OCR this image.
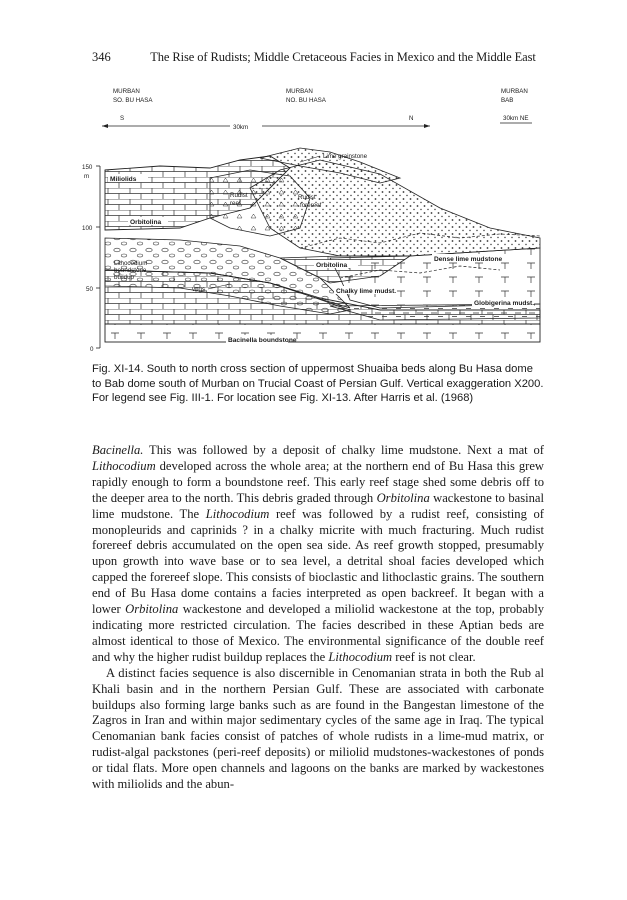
346	The Rise of Rudists; Middle Cretaceous Facies in Mexico and the Middle East
MURBAN
SO. BU HASA
MURBAN
NO. BU HASA
MURBAN
BAB
S	N	30km NE
30km
150
m
100
50
0
Lime grainstone
Miliolids
Orbitolina
Rudist
reef
Rudist
forereef
Lithocodium
boundstone
buildup
Orbitolina
vugs
Dense lime mudstone
Chalky lime mudst.
Globigerina mudst.
Bacinella boundstone

Fig. XI-14. South to north cross section of uppermost Shuaiba beds along Bu Hasa dome to Bab dome south of Murban on Trucial Coast of Persian Gulf. Vertical exaggeration X200. For legend see Fig. III-1. For location see Fig. XI-13. After Harris et al. (1968)

Bacinella. This was followed by a deposit of chalky lime mudstone. Next a mat of Lithocodium developed across the whole area; at the northern end of Bu Hasa this grew rapidly enough to form a boundstone reef. This early reef stage shed some debris off to the deeper area to the north. This debris graded through Orbitolina wackestone to basinal lime mudstone. The Lithocodium reef was followed by a rudist reef, consisting of monopleurids and caprinids ? in a chalky micrite with much fracturing. Much rudist forereef debris accumulated on the open sea side. As reef growth stopped, presumably upon growth into wave base or to sea level, a detrital shoal facies developed which capped the forereef slope. This consists of bioclastic and lithoclastic grains. The southern end of Bu Hasa dome contains a facies interpreted as open backreef. It began with a lower Orbitolina wackestone and developed a miliolid wackestone at the top, probably indicating more restricted circulation. The facies described in these Aptian beds are almost identical to those of Mexico. The environmental significance of the double reef and why the higher rudist buildup replaces the Lithocodium reef is not clear.

A distinct facies sequence is also discernible in Cenomanian strata in both the Rub al Khali basin and in the northern Persian Gulf. These are associated with carbonate buildups also forming large banks such as are found in the Bangestan limestone of the Zagros in Iran and within major sedimentary cycles of the same age in Iraq. The typical Cenomanian bank facies consist of patches of whole rudists in a lime-mud matrix, or rudist-algal packstones (peri-reef deposits) or miliolid mudstones-wackestones of ponds or tidal flats. More open channels and lagoons on the banks are marked by wackestones with miliolids and the abun-
